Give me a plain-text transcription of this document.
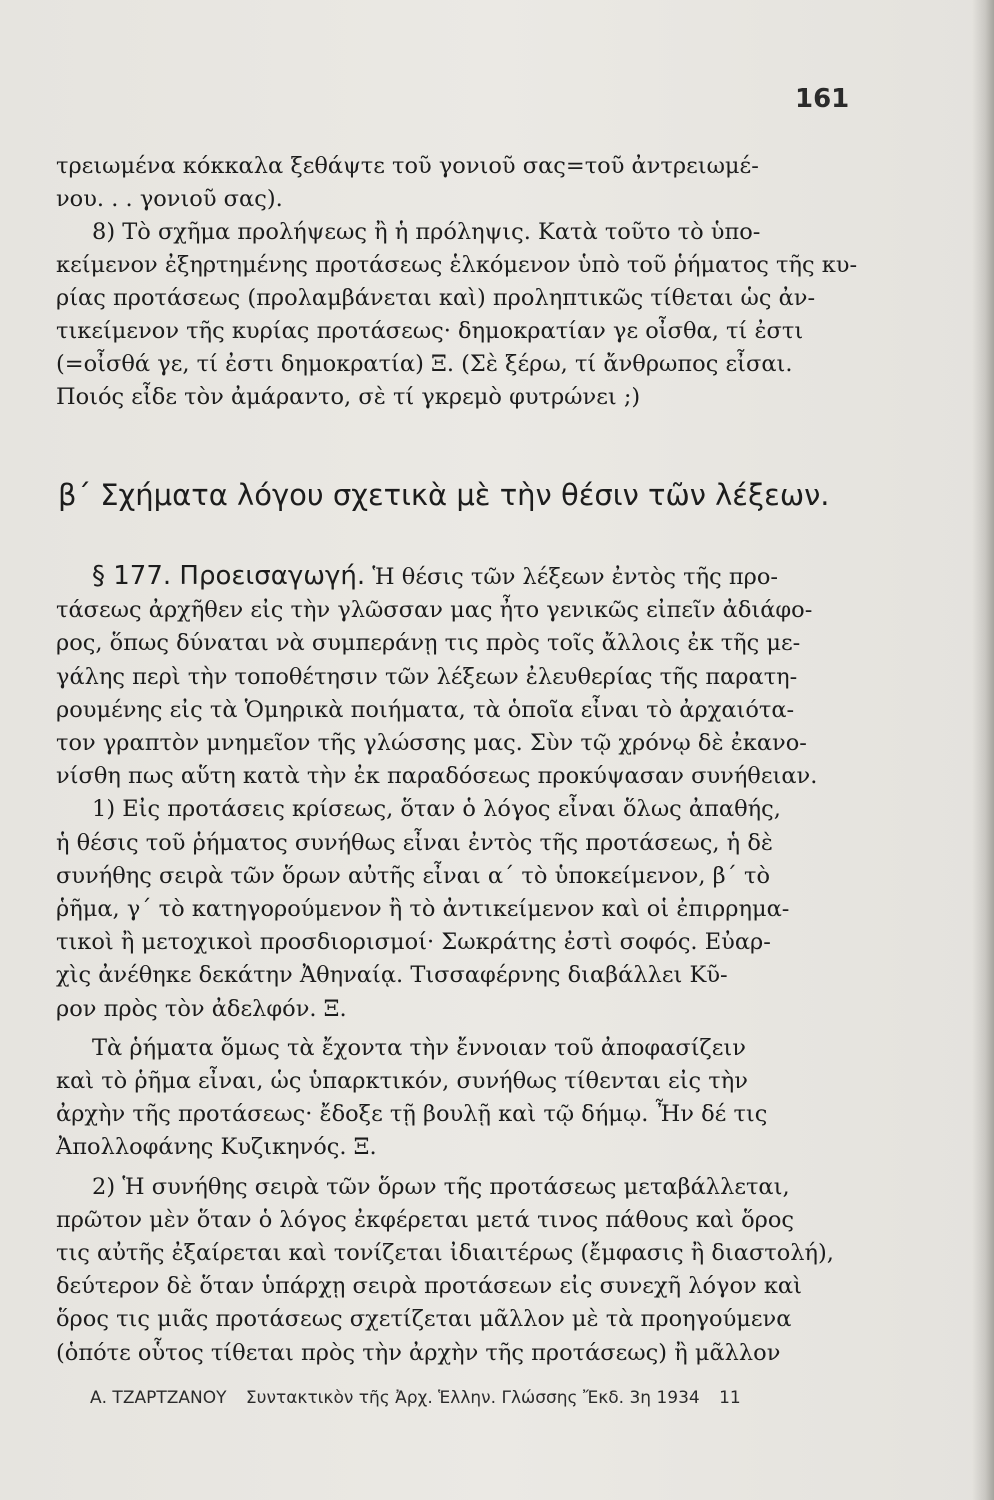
161
τρειωμένα κόκκαλα ξεθάψτε τοῦ γονιοῦ σας=τοῦ ἀντρειωμέ-
νου. . . γονιοῦ σας).
8) Τὸ σχῆμα προλήψεως ἢ ἡ πρόληψις. Κατὰ τοῦτο τὸ ὑπο-
κείμενον ἐξηρτημένης προτάσεως ἑλκόμενον ὑπὸ τοῦ ῥήματος τῆς κυ-
ρίας προτάσεως (προλαμβάνεται καὶ) προληπτικῶς τίθεται ὡς ἀν-
τικείμενον τῆς κυρίας προτάσεως· δημοκρατίαν γε οἶσθα, τί ἐστι
(=οἶσθά γε, τί ἐστι δημοκρατία) Ξ. (Σὲ ξέρω, τί ἄνθρωπος εἶσαι.
Ποιός εἶδε τὸν ἀμάραντο, σὲ τί γκρεμὸ φυτρώνει ;)
β΄ Σχήματα λόγου σχετικὰ μὲ τὴν θέσιν τῶν λέξεων.
§ 177. Προεισαγωγή. Ἡ θέσις τῶν λέξεων ἐντὸς τῆς προ-
τάσεως ἀρχῆθεν εἰς τὴν γλῶσσαν μας ἦτο γενικῶς εἰπεῖν ἀδιάφο-
ρος, ὅπως δύναται νὰ συμπεράνῃ τις πρὸς τοῖς ἄλλοις ἐκ τῆς με-
γάλης περὶ τὴν τοποθέτησιν τῶν λέξεων ἐλευθερίας τῆς παρατη-
ρουμένης εἰς τὰ Ὁμηρικὰ ποιήματα, τὰ ὁποῖα εἶναι τὸ ἀρχαιότα-
τον γραπτὸν μνημεῖον τῆς γλώσσης μας. Σὺν τῷ χρόνῳ δὲ ἐκανο-
νίσθη πως αὕτη κατὰ τὴν ἐκ παραδόσεως προκύψασαν συνήθειαν.
1) Εἰς προτάσεις κρίσεως, ὅταν ὁ λόγος εἶναι ὅλως ἀπαθής,
ἡ θέσις τοῦ ῥήματος συνήθως εἶναι ἐντὸς τῆς προτάσεως, ἡ δὲ
συνήθης σειρὰ τῶν ὅρων αὐτῆς εἶναι α΄ τὸ ὑποκείμενον, β΄ τὸ
ῥῆμα, γ΄ τὸ κατηγορούμενον ἢ τὸ ἀντικείμενον καὶ οἱ ἐπιρρημα-
τικοὶ ἢ μετοχικοὶ προσδιορισμοί· Σωκράτης ἐστὶ σοφός. Εὐαρ-
χὶς ἀνέθηκε δεκάτην Ἀθηναίᾳ. Τισσαφέρνης διαβάλλει Κῦ-
ρον πρὸς τὸν ἀδελφόν. Ξ.
Τὰ ῥήματα ὅμως τὰ ἔχοντα τὴν ἔννοιαν τοῦ ἀποφασίζειν
καὶ τὸ ῥῆμα εἶναι, ὡς ὑπαρκτικόν, συνήθως τίθενται εἰς τὴν
ἀρχὴν τῆς προτάσεως· ἔδοξε τῇ βουλῇ καὶ τῷ δήμῳ. Ἦν δέ τις
Ἀπολλοφάνης Κυζικηνός. Ξ.
2) Ἡ συνήθης σειρὰ τῶν ὅρων τῆς προτάσεως μεταβάλλεται,
πρῶτον μὲν ὅταν ὁ λόγος ἐκφέρεται μετά τινος πάθους καὶ ὅρος
τις αὐτῆς ἐξαίρεται καὶ τονίζεται ἰδιαιτέρως (ἔμφασις ἢ διαστολή),
δεύτερον δὲ ὅταν ὑπάρχῃ σειρὰ προτάσεων εἰς συνεχῆ λόγον καὶ
ὅρος τις μιᾶς προτάσεως σχετίζεται μᾶλλον μὲ τὰ προηγούμενα
(ὁπότε οὗτος τίθεται πρὸς τὴν ἀρχὴν τῆς προτάσεως) ἢ μᾶλλον
Α. ΤΖΑΡΤΖΑΝΟΥ Συντακτικὸν τῆς Ἀρχ. Ἑλλην. Γλώσσης Ἔκδ. 3η 1934 11
